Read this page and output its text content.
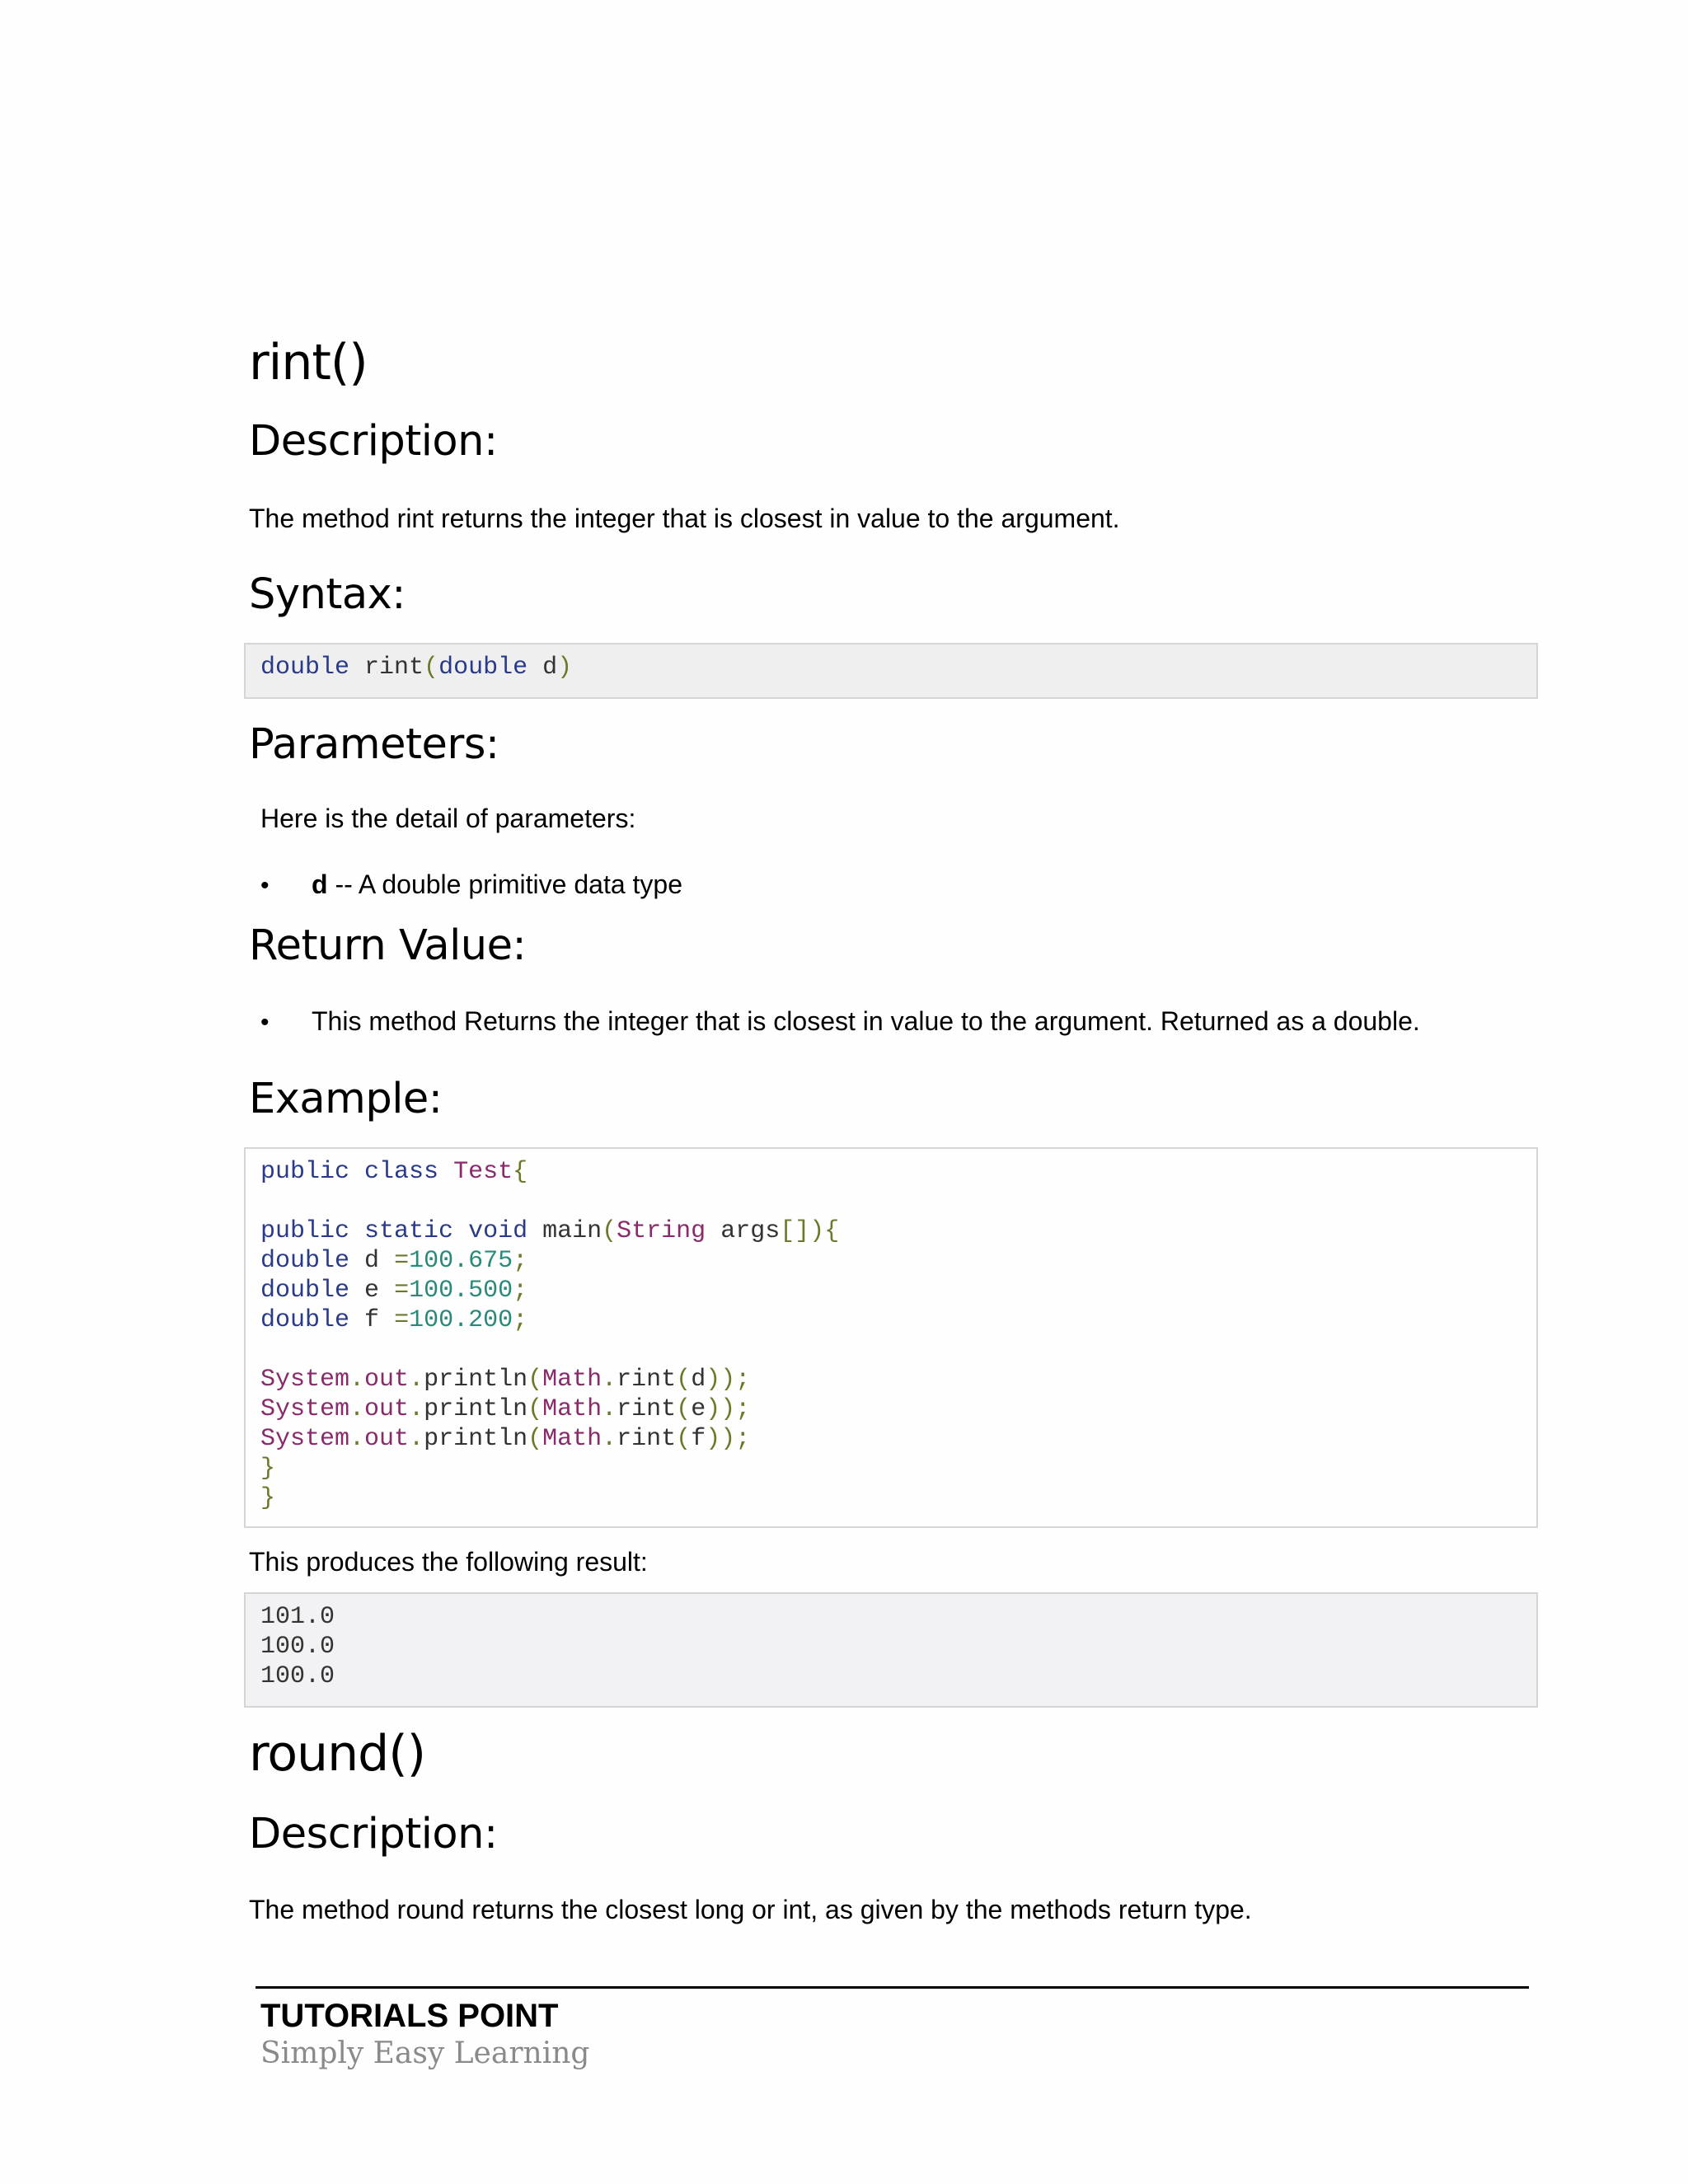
rint()
Description:

The method rint returns the integer that is closest in value to the argument.

Syntax:
double rint(double d)
Parameters:

Here is the detail of parameters:

•	d -- A double primitive data type
Return Value:
•	This method Returns the integer that is closest in value to the argument. Returned as a double.
Example:
public class Test{

public static void main(String args[]){
double d =100.675;
double e =100.500;
double f =100.200;

System.out.println(Math.rint(d));
System.out.println(Math.rint(e));
System.out.println(Math.rint(f));
}
}

This produces the following result:

101.0
100.0
100.0
round()
Description:

The method round returns the closest long or int, as given by the methods return type.

TUTORIALS POINT
Simply Easy Learning
